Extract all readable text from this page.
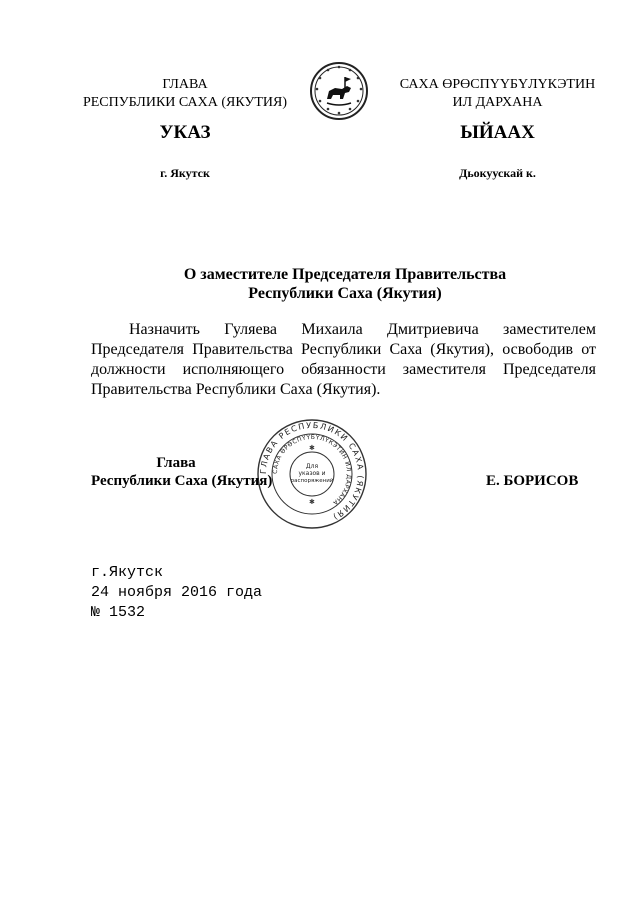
ГЛАВА
РЕСПУБЛИКИ САХА (ЯКУТИЯ)
САХА ӨРӨСПҮҮБҮЛҮКЭТИН
ИЛ ДАРХАНА
УКАЗ	ЫЙААХ
г. Якутск	Дьокуускай к.
О заместителе Председателя Правительства
Республики Саха (Якутия)
Назначить Гуляева Михаила Дмитриевича заместителем Председателя Правительства Республики Саха (Якутия), освободив от должности исполняющего обязанности заместителя Председателя Правительства Республики Саха (Якутия).
ГЛАВА РЕСПУБЛИКИ САХА (ЯКУТИЯ)
САХА ӨРӨСПҮҮБҮЛҮКЭТИН ИЛ ДАРХАНА
Для
указов и
распоряжений
✱
✱
Глава
Республики Саха (Якутия)	Е. БОРИСОВ
г.Якутск
24 ноября 2016 года
№ 1532
